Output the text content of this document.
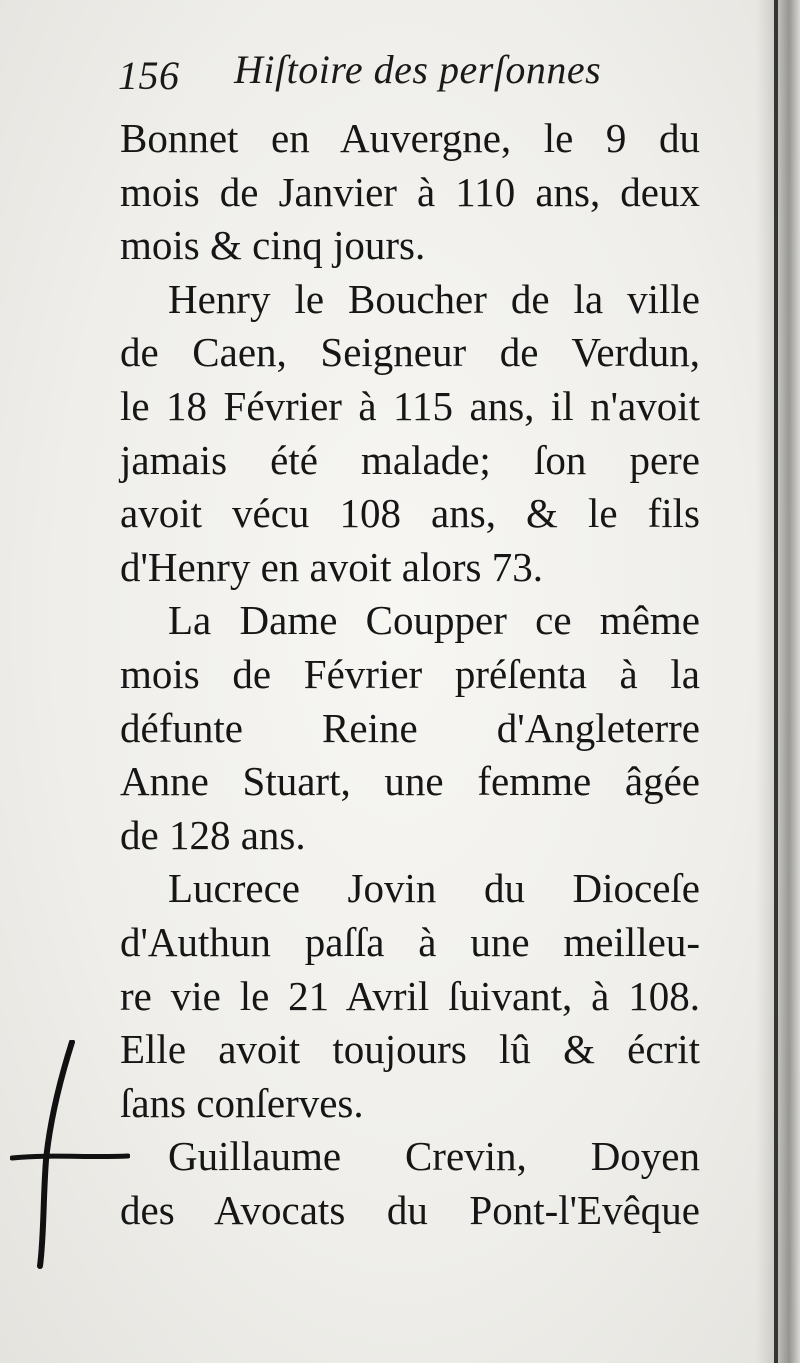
156 Hiſtoire des perſonnes
Bonnet en Auvergne, le 9 du
mois de Janvier à 110 ans, deux
mois & cinq jours.
Henry le Boucher de la ville
de Caen, Seigneur de Verdun,
le 18 Février à 115 ans, il n'avoit
jamais été malade; ſon pere
avoit vécu 108 ans, & le fils
d'Henry en avoit alors 73.
La Dame Coupper ce même
mois de Février préſenta à la
défunte Reine d'Angleterre
Anne Stuart, une femme âgée
de 128 ans.
Lucrece Jovin du Dioceſe
d'Authun paſſa à une meilleu-
re vie le 21 Avril ſuivant, à 108.
Elle avoit toujours lû & écrit
ſans conſerves.
Guillaume Crevin, Doyen
des Avocats du Pont-l'Evêque
